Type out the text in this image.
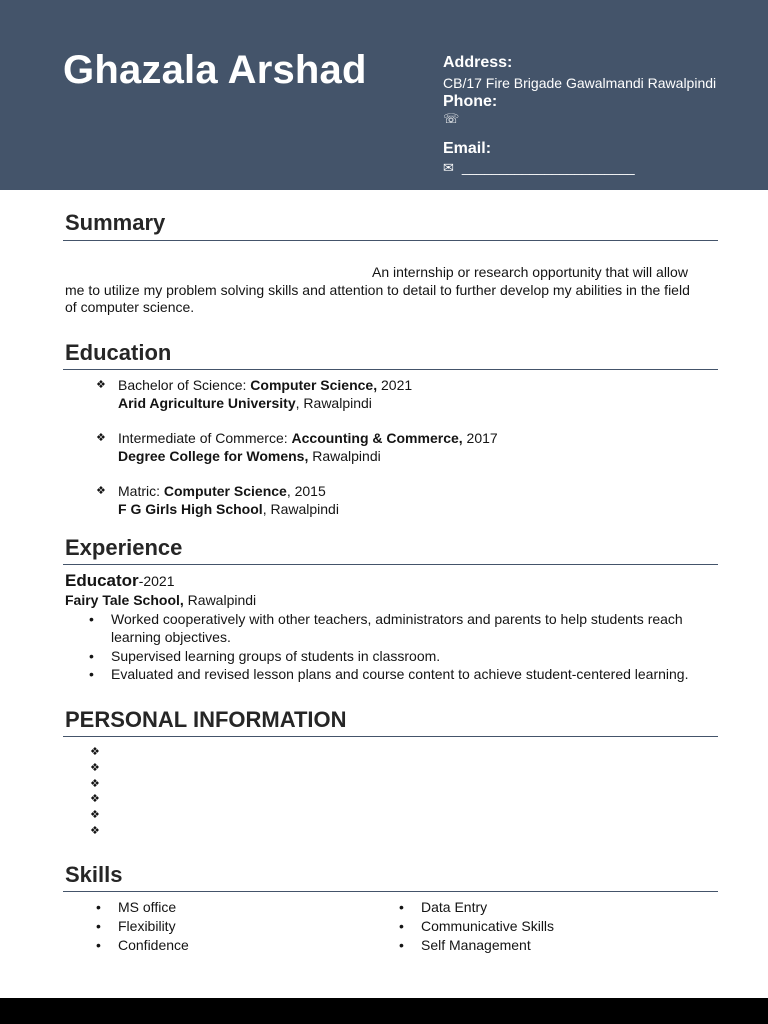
Ghazala Arshad	Address:
CB/17 Fire Brigade Gawalmandi Rawalpindi
Phone:
☏
Email:
✉_______________________
Summary
An internship or research opportunity that will allow
me to utilize my problem solving skills and attention to detail to further develop my abilities in the field
of computer science.
Education
❖
Bachelor of Science: Computer Science, 2021
Arid Agriculture University, Rawalpindi
❖
Intermediate of Commerce: Accounting & Commerce, 2017
Degree College for Womens, Rawalpindi
❖
Matric: Computer Science, 2015
F G Girls High School, Rawalpindi
Experience
Educator-2021
Fairy Tale School, Rawalpindi
•
Worked cooperatively with other teachers, administrators and parents to help students reach learning objectives.
•
Supervised learning groups of students in classroom.
•
Evaluated and revised lesson plans and course content to achieve student-centered learning.
PERSONAL INFORMATION
❖
❖
❖
❖
❖
❖
Skills
•
MS office
•
Flexibility
•
Confidence
•
Data Entry
•
Communicative Skills
•
Self Management
